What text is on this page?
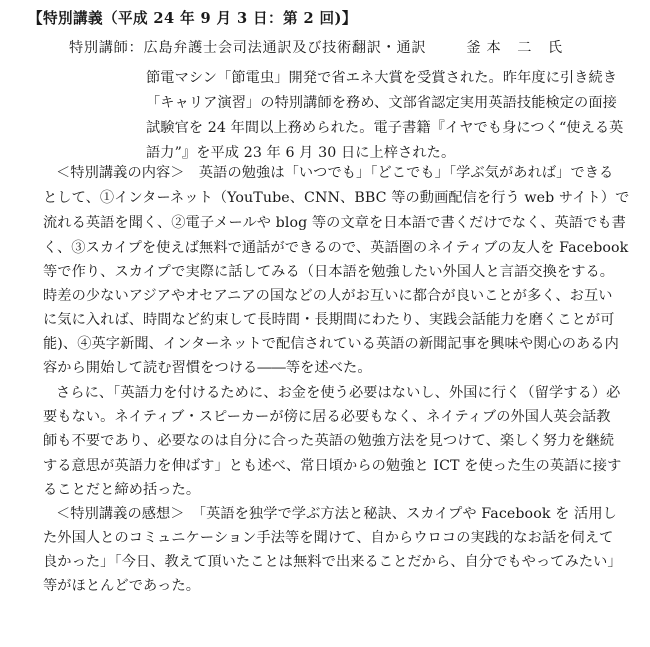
【特別講義（平成 24 年 9 月 3 日：第 2 回)】
特別講師：広島弁護士会司法通訳及び技術翻訳・通訳	釜本 二 氏
節電マシン「節電虫」開発で省エネ大賞を受賞された。昨年度に引き続き
「キャリア演習」の特別講師を務め、文部省認定実用英語技能検定の面接
試験官を 24 年間以上務められた。電子書籍『イヤでも身につく“使える英
語力”』を平成 23 年 6 月 30 日に上梓された。
＜特別講義の内容＞　英語の勉強は「いつでも」「どこでも」「学ぶ気があれば」できる
として、①インターネット（YouTube、CNN、BBC 等の動画配信を行う web サイト）で
流れる英語を聞く、②電子メールや blog 等の文章を日本語で書くだけでなく、英語でも書
く、③スカイプを使えば無料で通話ができるので、英語圏のネイティブの友人を Facebook
等で作り、スカイプで実際に話してみる（日本語を勉強したい外国人と言語交換をする。
時差の少ないアジアやオセアニアの国などの人がお互いに都合が良いことが多く、お互い
に気に入れば、時間など約束して長時間・長期間にわたり、実践会話能力を磨くことが可
能)、④英字新聞、インターネットで配信されている英語の新聞記事を興味や関心のある内
容から開始して読む習慣をつける――等を述べた。
さらに、「英語力を付けるために、お金を使う必要はないし、外国に行く（留学する）必
要もない。ネイティブ・スピーカーが傍に居る必要もなく、ネイティブの外国人英会話教
師も不要であり、必要なのは自分に合った英語の勉強方法を見つけて、楽しく努力を継続
する意思が英語力を伸ばす」とも述べ、常日頃からの勉強と ICT を使った生の英語に接す
ることだと締め括った。
＜特別講義の感想＞　「英語を独学で学ぶ方法と秘訣、スカイプや Facebook を 活用し
た外国人とのコミュニケーション手法等を聞けて、自からウロコの実践的なお話を伺えて
良かった」「今日、教えて頂いたことは無料で出来ることだから、自分でもやってみたい」
等がほとんどであった。
